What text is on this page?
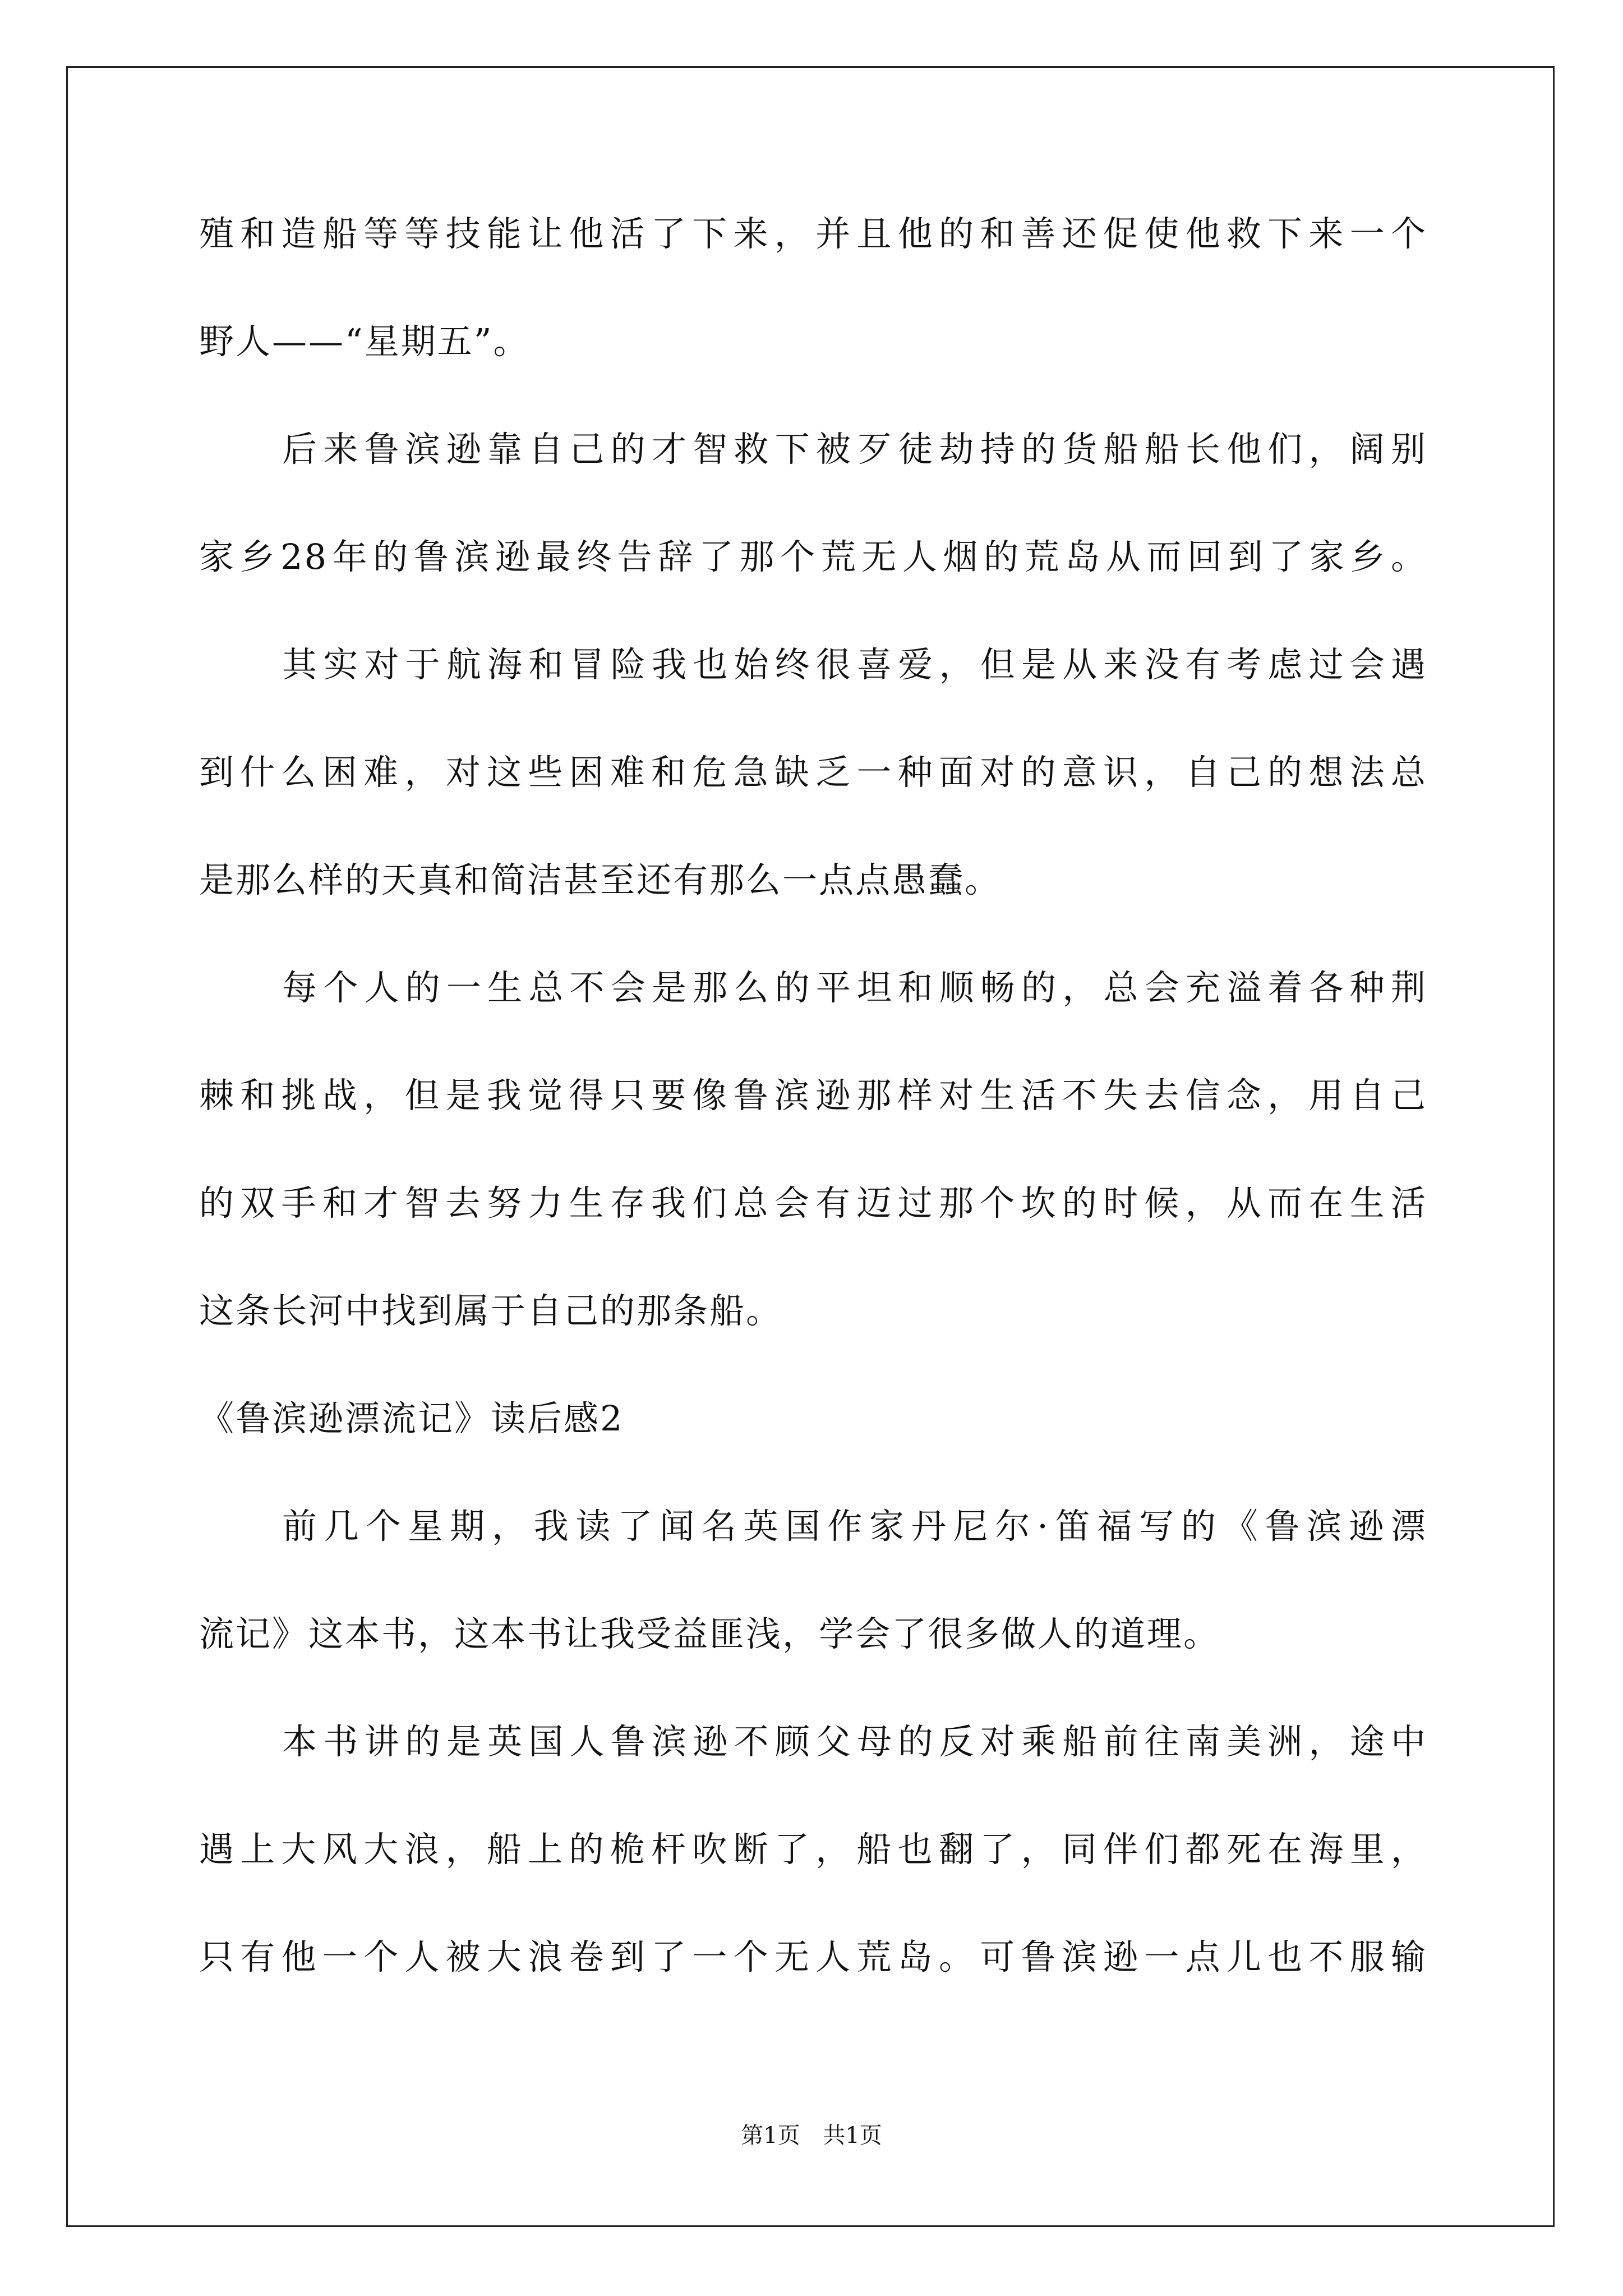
殖和造船等等技能让他活了下来，并且他的和善还促使他救下来一个
野人——“星期五”。
后来鲁滨逊靠自己的才智救下被歹徒劫持的货船船长他们，阔别
家乡28年的鲁滨逊最终告辞了那个荒无人烟的荒岛从而回到了家乡。
其实对于航海和冒险我也始终很喜爱，但是从来没有考虑过会遇
到什么困难，对这些困难和危急缺乏一种面对的意识，自己的想法总
是那么样的天真和简洁甚至还有那么一点点愚蠢。
每个人的一生总不会是那么的平坦和顺畅的，总会充溢着各种荆
棘和挑战，但是我觉得只要像鲁滨逊那样对生活不失去信念，用自己
的双手和才智去努力生存我们总会有迈过那个坎的时候，从而在生活
这条长河中找到属于自己的那条船。
《鲁滨逊漂流记》读后感2
前几个星期，我读了闻名英国作家丹尼尔·笛福写的《鲁滨逊漂
流记》这本书，这本书让我受益匪浅，学会了很多做人的道理。
本书讲的是英国人鲁滨逊不顾父母的反对乘船前往南美洲，途中
遇上大风大浪，船上的桅杆吹断了，船也翻了，同伴们都死在海里，
只有他一个人被大浪卷到了一个无人荒岛。可鲁滨逊一点儿也不服输
第1页 共1页
